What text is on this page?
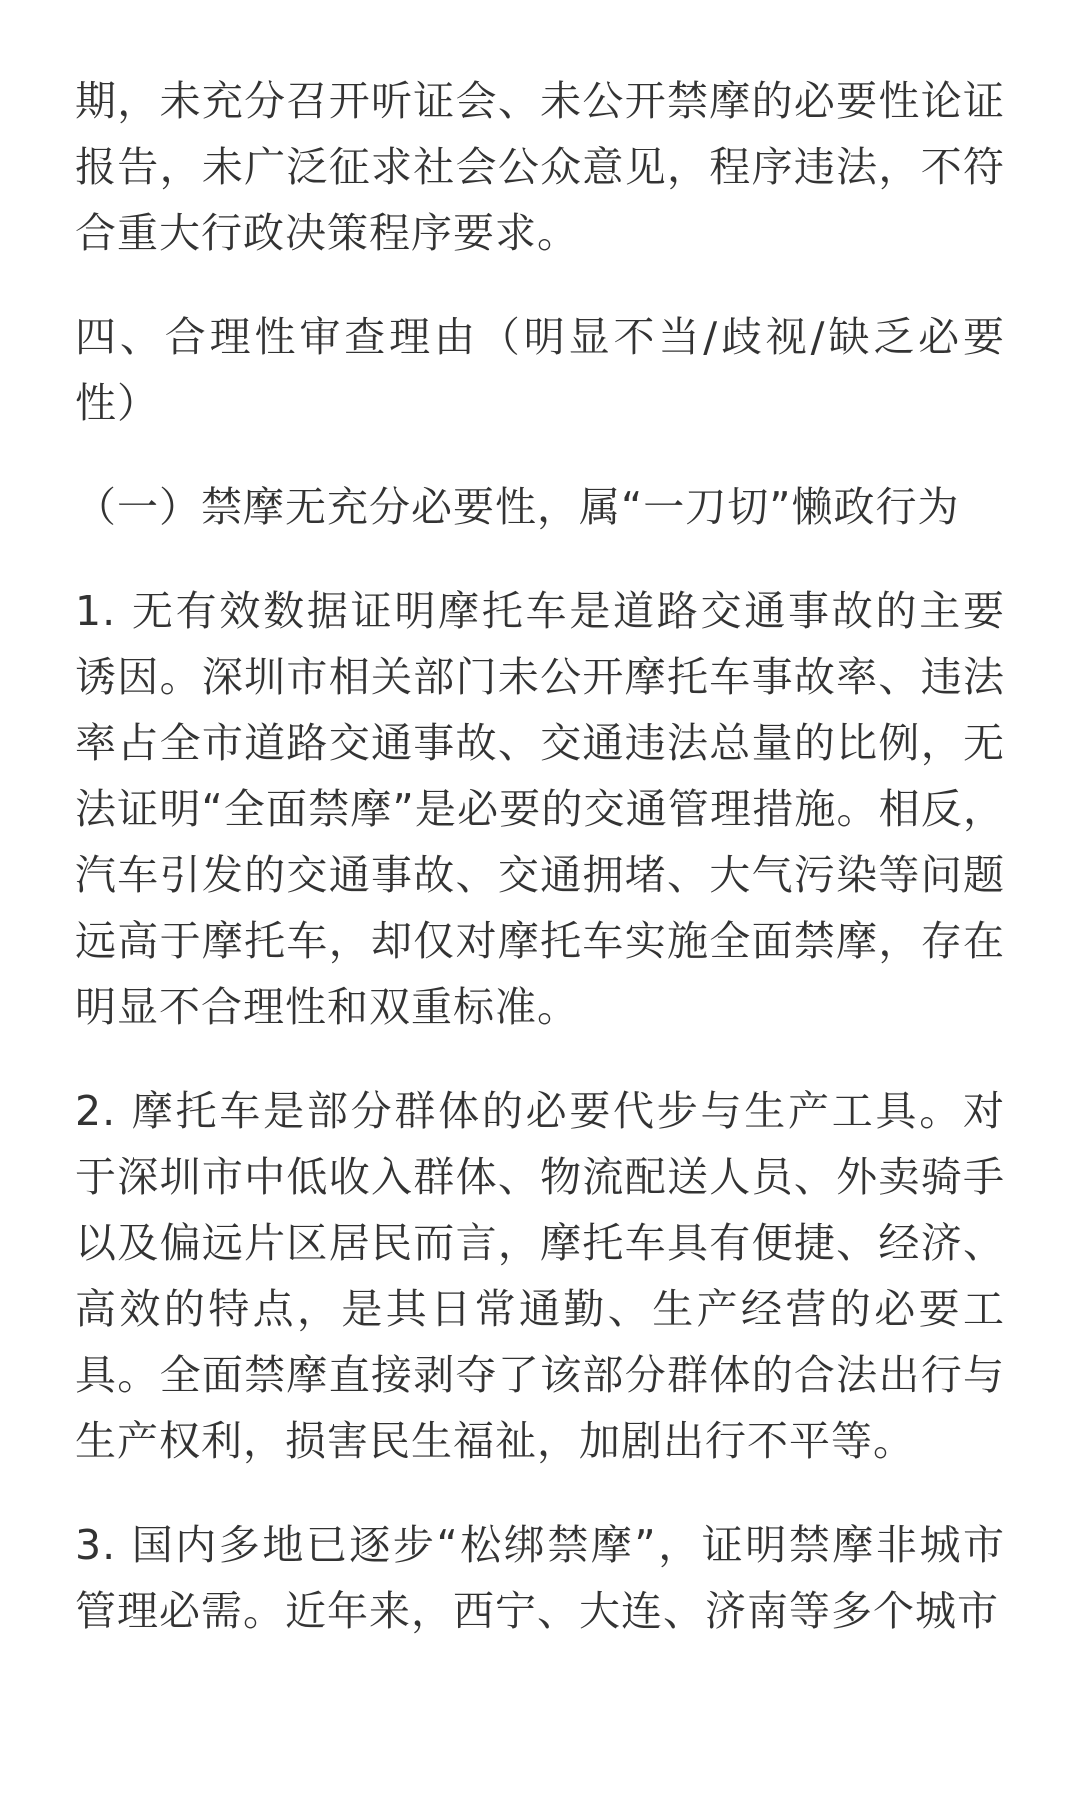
期，未充分召开听证会、未公开禁摩的必要性论证报告，未广泛征求社会公众意见，程序违法，不符合重大行政决策程序要求。

四、合理性审查理由（明显不当/歧视/缺乏必要性）

（一）禁摩无充分必要性，属“一刀切”懒政行为

1. 无有效数据证明摩托车是道路交通事故的主要诱因。深圳市相关部门未公开摩托车事故率、违法率占全市道路交通事故、交通违法总量的比例，无法证明“全面禁摩”是必要的交通管理措施。相反，汽车引发的交通事故、交通拥堵、大气污染等问题远高于摩托车，却仅对摩托车实施全面禁摩，存在明显不合理性和双重标准。

2. 摩托车是部分群体的必要代步与生产工具。对于深圳市中低收入群体、物流配送人员、外卖骑手以及偏远片区居民而言，摩托车具有便捷、经济、高效的特点，是其日常通勤、生产经营的必要工具。全面禁摩直接剥夺了该部分群体的合法出行与生产权利，损害民生福祉，加剧出行不平等。

3. 国内多地已逐步“松绑禁摩”，证明禁摩非城市管理必需。近年来，西宁、大连、济南等多个城市
